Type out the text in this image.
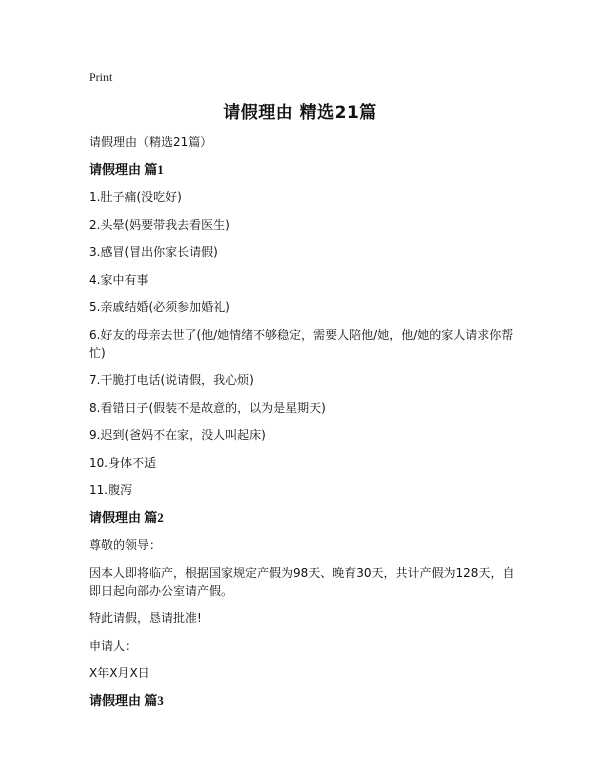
Print
请假理由 精选21篇

请假理由（精选21篇）

请假理由 篇1

1.肚子痛(没吃好)

2.头晕(妈要带我去看医生)

3.感冒(冒出你家长请假)

4.家中有事

5.亲戚结婚(必须参加婚礼)

6.好友的母亲去世了(他/她情绪不够稳定，需要人陪他/她，他/她的家人请求你帮忙)

7.干脆打电话(说请假，我心烦)

8.看错日子(假装不是故意的，以为是星期天)

9.迟到(爸妈不在家，没人叫起床)

10.身体不适

11.腹泻

请假理由 篇2

尊敬的领导：

因本人即将临产，根据国家规定产假为98天、晚育30天，共计产假为128天，自即日起向部办公室请产假。

特此请假，恳请批准!

申请人：

X年X月X日

请假理由 篇3
